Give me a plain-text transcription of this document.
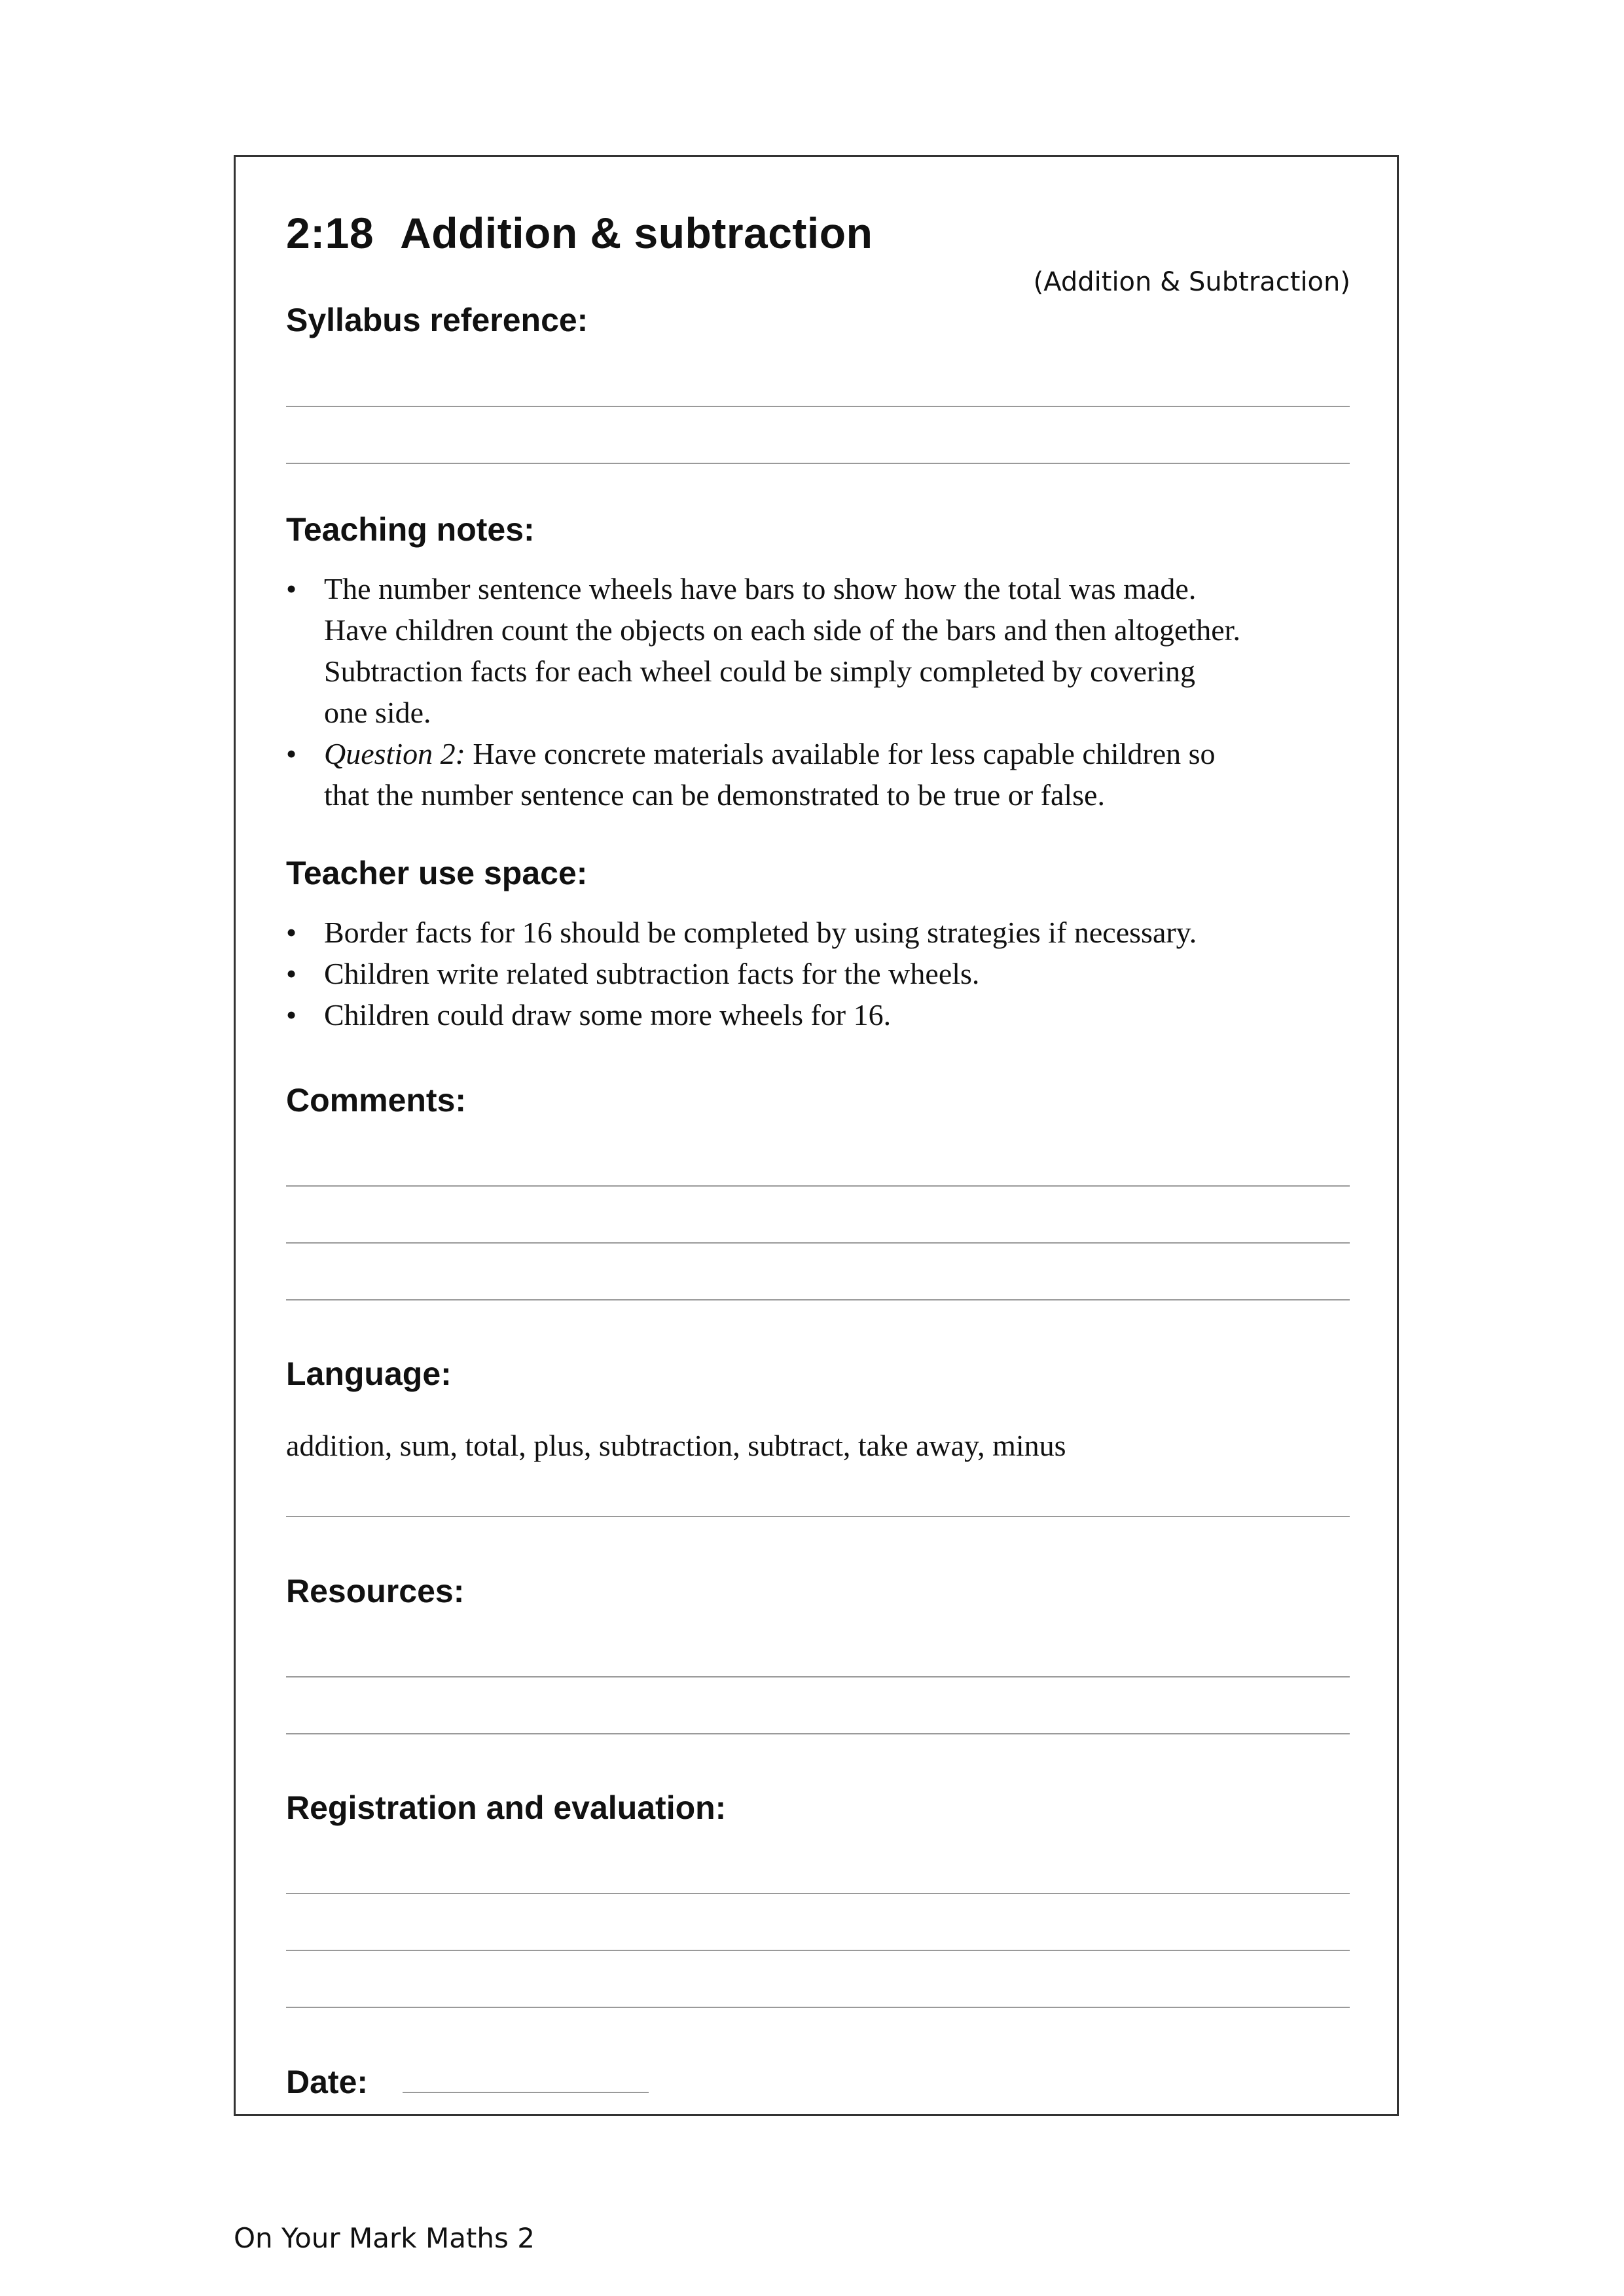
2:18 Addition & subtraction
(Addition & Subtraction)
Syllabus reference:
Teaching notes:
• The number sentence wheels have bars to show how the total was made.
Have children count the objects on each side of the bars and then altogether.
Subtraction facts for each wheel could be simply completed by covering
one side.
• Question 2: Have concrete materials available for less capable children so
that the number sentence can be demonstrated to be true or false.
Teacher use space:
• Border facts for 16 should be completed by using strategies if necessary.
• Children write related subtraction facts for the wheels.
• Children could draw some more wheels for 16.
Comments:
Language:
addition, sum, total, plus, subtraction, subtract, take away, minus
Resources:
Registration and evaluation:
Date:
On Your Mark Maths 2
